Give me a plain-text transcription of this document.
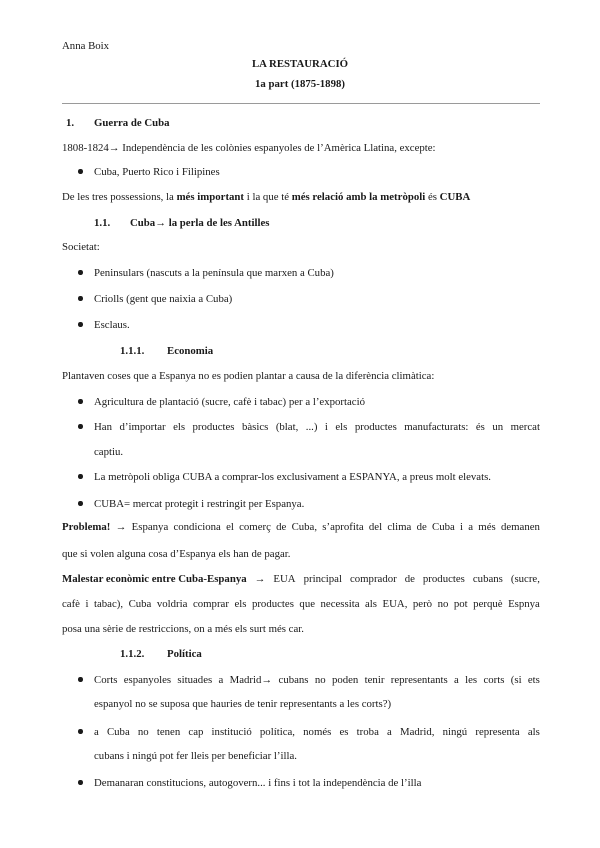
Anna Boix
LA RESTAURACIÓ
1a part (1875-1898)
1. Guerra de Cuba
1808-1824→ Independència de les colònies espanyoles de l’Amèrica Llatina, excepte:
Cuba, Puerto Rico i Filipines
De les tres possessions, la més important i la que té més relació amb la metròpoli és CUBA
1.1. Cuba→ la perla de les Antilles
Societat:
Peninsulars (nascuts a la península que marxen a Cuba)
Criolls (gent que naixia a Cuba)
Esclaus.
1.1.1. Economia
Plantaven coses que a Espanya no es podien plantar a causa de la diferència climàtica:
Agricultura de plantació (sucre, cafè i tabac) per a l’exportació
Han d’importar els productes bàsics (blat, ...) i els productes manufacturats: és un mercat
captiu.
La metròpoli obliga CUBA a comprar-los exclusivament a ESPANYA, a preus molt elevats.
CUBA= mercat protegit i restringit per Espanya.
Problema! → Espanya condiciona el comerç de Cuba, s’aprofita del clima de Cuba i a més demanen
que si volen alguna cosa d’Espanya els han de pagar.
Malestar econòmic entre Cuba-Espanya → EUA principal comprador de productes cubans (sucre,
cafè i tabac), Cuba voldria comprar els productes que necessita als EUA, però no pot perquè Espnya
posa una sèrie de restriccions, on a més els surt més car.
1.1.2. Política
Corts espanyoles situades a Madrid→ cubans no poden tenir representants a les corts (si ets
espanyol no se suposa que hauries de tenir representants a les corts?)
a Cuba no tenen cap institució política, només es troba a Madrid, ningú representa als
cubans i ningú pot fer lleis per beneficiar l’illa.
Demanaran constitucions, autogovern... i fins i tot la independència de l’illa
